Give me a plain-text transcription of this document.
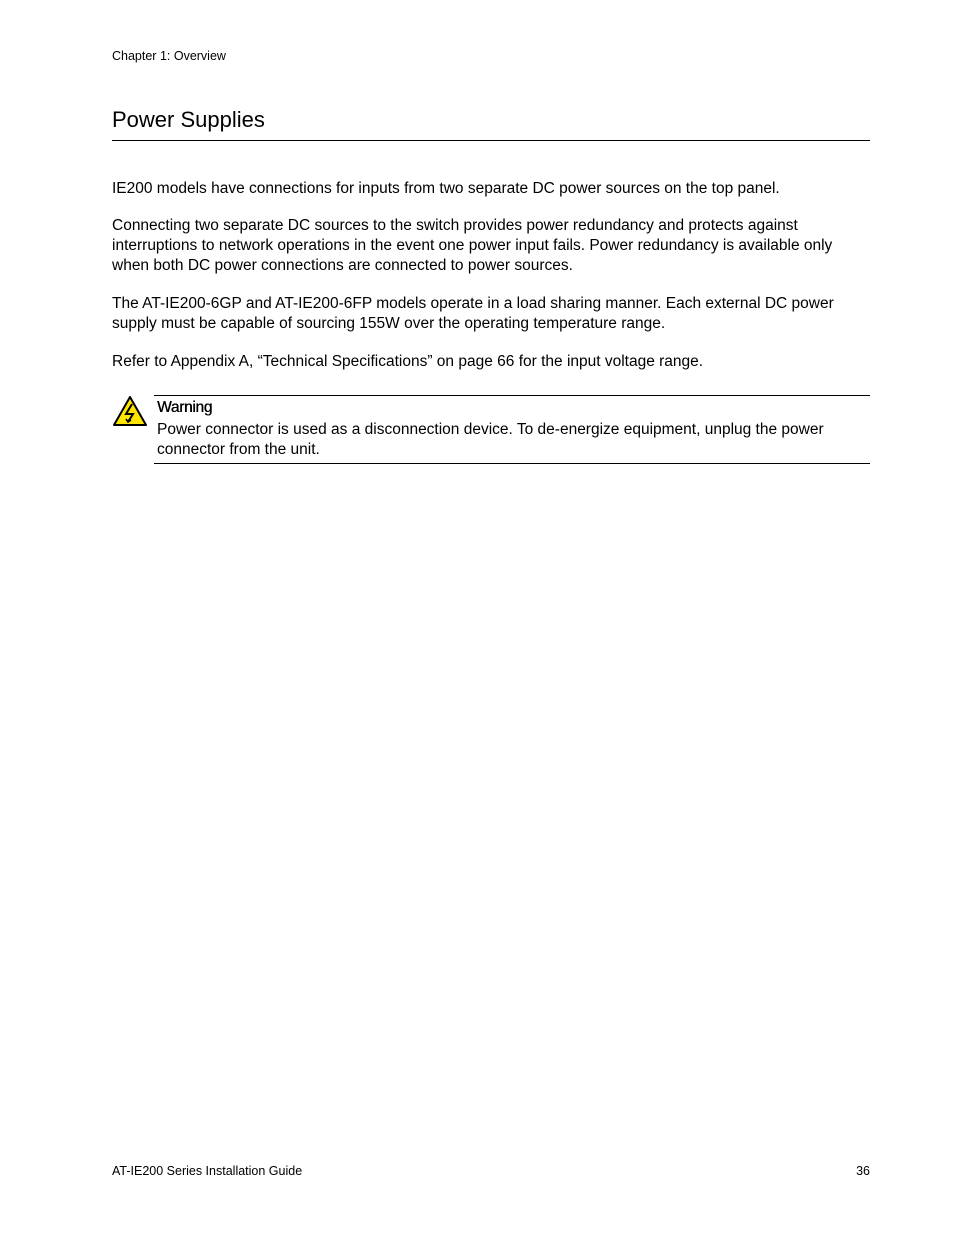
Chapter 1: Overview
Power Supplies

IE200 models have connections for inputs from two separate DC power sources on the top panel.

Connecting two separate DC sources to the switch provides power redundancy and protects against interruptions to network operations in the event one power input fails. Power redundancy is available only when both DC power connections are connected to power sources.

The AT-IE200-6GP and AT-IE200-6FP models operate in a load sharing manner. Each external DC power supply must be capable of sourcing 155W over the operating temperature range.

Refer to Appendix A, “Technical Specifications” on page 66 for the input voltage range.

Warning

Power connector is used as a disconnection device. To de-energize equipment, unplug the power connector from the unit.

AT-IE200 Series Installation Guide	36
